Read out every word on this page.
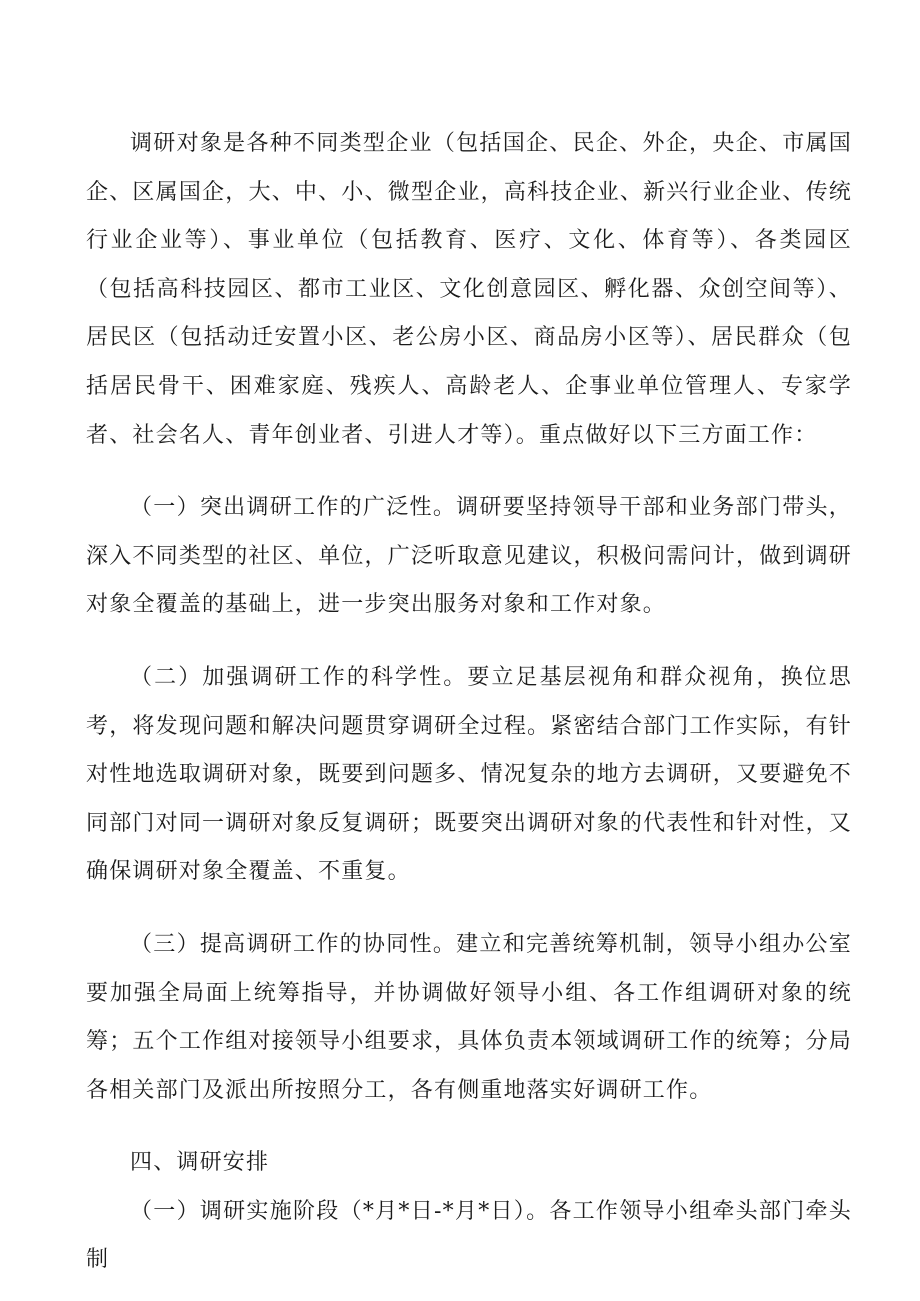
调研对象是各种不同类型企业（包括国企、民企、外企，央企、市属国企、区属国企，大、中、小、微型企业，高科技企业、新兴行业企业、传统行业企业等）、事业单位（包括教育、医疗、文化、体育等）、各类园区（包括高科技园区、都市工业区、文化创意园区、孵化器、众创空间等）、居民区（包括动迁安置小区、老公房小区、商品房小区等）、居民群众（包括居民骨干、困难家庭、残疾人、高龄老人、企事业单位管理人、专家学者、社会名人、青年创业者、引进人才等）。重点做好以下三方面工作：

（一）突出调研工作的广泛性。调研要坚持领导干部和业务部门带头，深入不同类型的社区、单位，广泛听取意见建议，积极问需问计，做到调研对象全覆盖的基础上，进一步突出服务对象和工作对象。

（二）加强调研工作的科学性。要立足基层视角和群众视角，换位思考，将发现问题和解决问题贯穿调研全过程。紧密结合部门工作实际，有针对性地选取调研对象，既要到问题多、情况复杂的地方去调研，又要避免不同部门对同一调研对象反复调研；既要突出调研对象的代表性和针对性，又确保调研对象全覆盖、不重复。

（三）提高调研工作的协同性。建立和完善统筹机制，领导小组办公室要加强全局面上统筹指导，并协调做好领导小组、各工作组调研对象的统筹；五个工作组对接领导小组要求，具体负责本领域调研工作的统筹；分局各相关部门及派出所按照分工，各有侧重地落实好调研工作。

四、调研安排

（一）调研实施阶段（*月*日-*月*日）。各工作领导小组牵头部门牵头制
